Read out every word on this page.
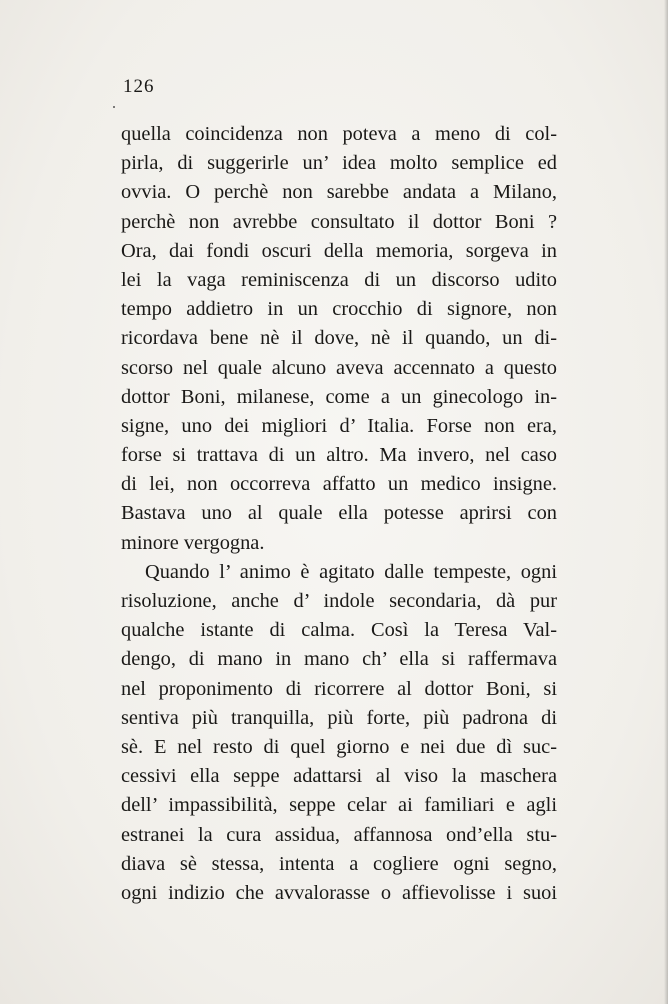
126
quella coincidenza non poteva a meno di col-
pirla, di suggerirle un’ idea molto semplice ed
ovvia. O perchè non sarebbe andata a Milano,
perchè non avrebbe consultato il dottor Boni ?
Ora, dai fondi oscuri della memoria, sorgeva in
lei la vaga reminiscenza di un discorso udito
tempo addietro in un crocchio di signore, non
ricordava bene nè il dove, nè il quando, un di-
scorso nel quale alcuno aveva accennato a questo
dottor Boni, milanese, come a un ginecologo in-
signe, uno dei migliori d’ Italia. Forse non era,
forse si trattava di un altro. Ma invero, nel caso
di lei, non occorreva affatto un medico insigne.
Bastava uno al quale ella potesse aprirsi con
minore vergogna.
Quando l’ animo è agitato dalle tempeste, ogni
risoluzione, anche d’ indole secondaria, dà pur
qualche istante di calma. Così la Teresa Val-
dengo, di mano in mano ch’ ella si raffermava
nel proponimento di ricorrere al dottor Boni, si
sentiva più tranquilla, più forte, più padrona di
sè. E nel resto di quel giorno e nei due dì suc-
cessivi ella seppe adattarsi al viso la maschera
dell’ impassibilità, seppe celar ai familiari e agli
estranei la cura assidua, affannosa ond’ella stu-
diava sè stessa, intenta a cogliere ogni segno,
ogni indizio che avvalorasse o affievolisse i suoi
